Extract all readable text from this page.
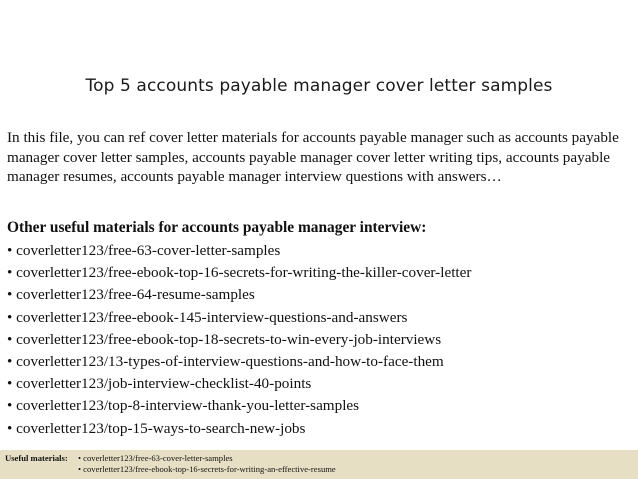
Top 5 accounts payable manager cover letter samples
In this file, you can ref cover letter materials for accounts payable manager such as accounts payable manager cover letter samples, accounts payable manager cover letter writing tips, accounts payable manager resumes, accounts payable manager interview questions with answers…
Other useful materials for accounts payable manager interview:
• coverletter123/free-63-cover-letter-samples
• coverletter123/free-ebook-top-16-secrets-for-writing-the-killer-cover-letter
• coverletter123/free-64-resume-samples
• coverletter123/free-ebook-145-interview-questions-and-answers
• coverletter123/free-ebook-top-18-secrets-to-win-every-job-interviews
• coverletter123/13-types-of-interview-questions-and-how-to-face-them
• coverletter123/job-interview-checklist-40-points
• coverletter123/top-8-interview-thank-you-letter-samples
• coverletter123/top-15-ways-to-search-new-jobs
Useful materials: • coverletter123/free-63-cover-letter-samples
• coverletter123/free-ebook-top-16-secrets-for-writing-an-effective-resume
